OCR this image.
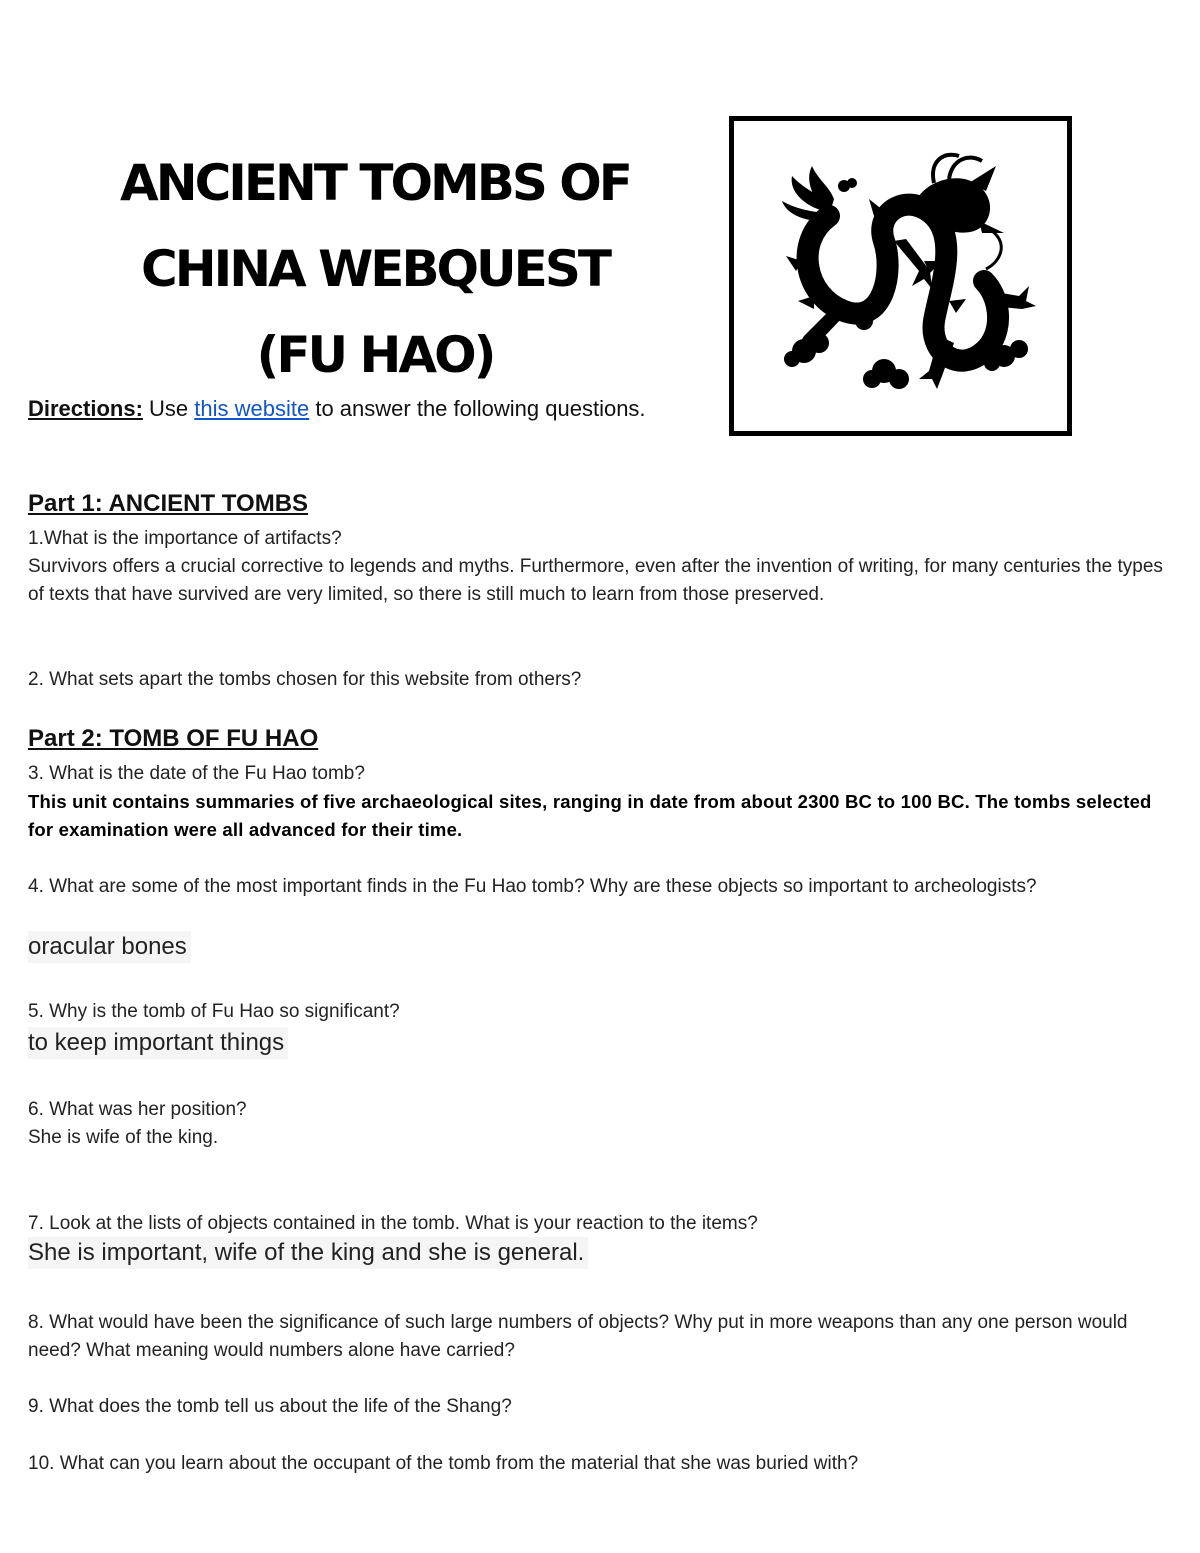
ANCIENT TOMBS OF
CHINA WEBQUEST
(FU HAO)
Directions: Use this website to answer the following questions.
Part 1: ANCIENT TOMBS
1.What is the importance of artifacts?
Survivors offers a crucial corrective to legends and myths. Furthermore, even after the invention of writing, for many centuries the types of texts that have survived are very limited, so there is still much to learn from those preserved.
2. What sets apart the tombs chosen for this website from others?
Part 2: TOMB OF FU HAO
3. What is the date of the Fu Hao tomb?
This unit contains summaries of five archaeological sites, ranging in date from about 2300 BC to 100 BC. The tombs selected for examination were all advanced for their time.
4. What are some of the most important finds in the Fu Hao tomb? Why are these objects so important to archeologists?
oracular bones
5. Why is the tomb of Fu Hao so significant?
to keep important things
6. What was her position?
She is wife of the king.
7. Look at the lists of objects contained in the tomb. What is your reaction to the items?
She is important, wife of the king and she is general.
8. What would have been the significance of such large numbers of objects? Why put in more weapons than any one person would need? What meaning would numbers alone have carried?
9. What does the tomb tell us about the life of the Shang?
10. What can you learn about the occupant of the tomb from the material that she was buried with?
